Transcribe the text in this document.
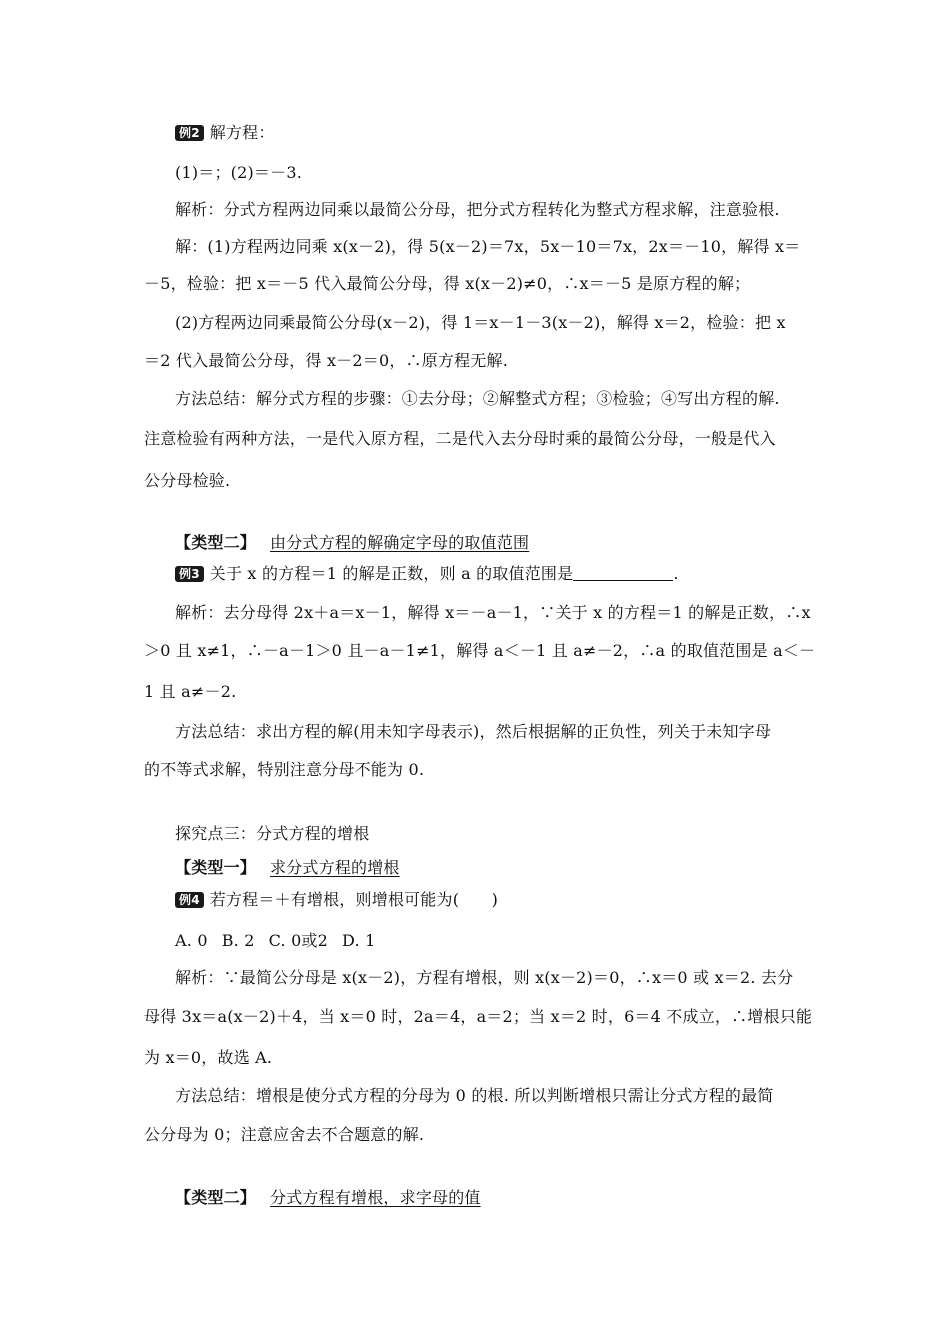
例2 解方程：
(1)＝；(2)＝－3.
解析：分式方程两边同乘以最简公分母，把分式方程转化为整式方程求解，注意验根.
解：(1)方程两边同乘 x(x－2)，得 5(x－2)＝7x，5x－10＝7x，2x＝－10，解得 x＝
－5，检验：把 x＝－5 代入最简公分母，得 x(x－2)≠0，∴x＝－5 是原方程的解；
(2)方程两边同乘最简公分母(x－2)，得 1＝x－1－3(x－2)，解得 x＝2，检验：把 x
＝2 代入最简公分母，得 x－2＝0，∴原方程无解.
方法总结：解分式方程的步骤：①去分母；②解整式方程；③检验；④写出方程的解.
注意检验有两种方法，一是代入原方程，二是代入去分母时乘的最简公分母，一般是代入
公分母检验.
【类型二】 由分式方程的解确定字母的取值范围
例3 关于 x 的方程＝1 的解是正数，则 a 的取值范围是	.
解析：去分母得 2x＋a＝x－1，解得 x＝－a－1，∵关于 x 的方程＝1 的解是正数，∴x
＞0 且 x≠1，∴－a－1＞0 且－a－1≠1，解得 a＜－1 且 a≠－2，∴a 的取值范围是 a＜－
1 且 a≠－2.
方法总结：求出方程的解(用未知字母表示)，然后根据解的正负性，列关于未知字母
的不等式求解，特别注意分母不能为 0.
探究点三：分式方程的增根
【类型一】 求分式方程的增根
例4 若方程＝＋有增根，则增根可能为(　　)
A. 0 B. 2 C. 0或2 D. 1
解析：∵最简公分母是 x(x－2)，方程有增根，则 x(x－2)＝0，∴x＝0 或 x＝2. 去分
母得 3x＝a(x－2)＋4，当 x＝0 时，2a＝4，a＝2；当 x＝2 时，6＝4 不成立，∴增根只能
为 x＝0，故选 A.
方法总结：增根是使分式方程的分母为 0 的根. 所以判断增根只需让分式方程的最简
公分母为 0；注意应舍去不合题意的解.
【类型二】 分式方程有增根，求字母的值
